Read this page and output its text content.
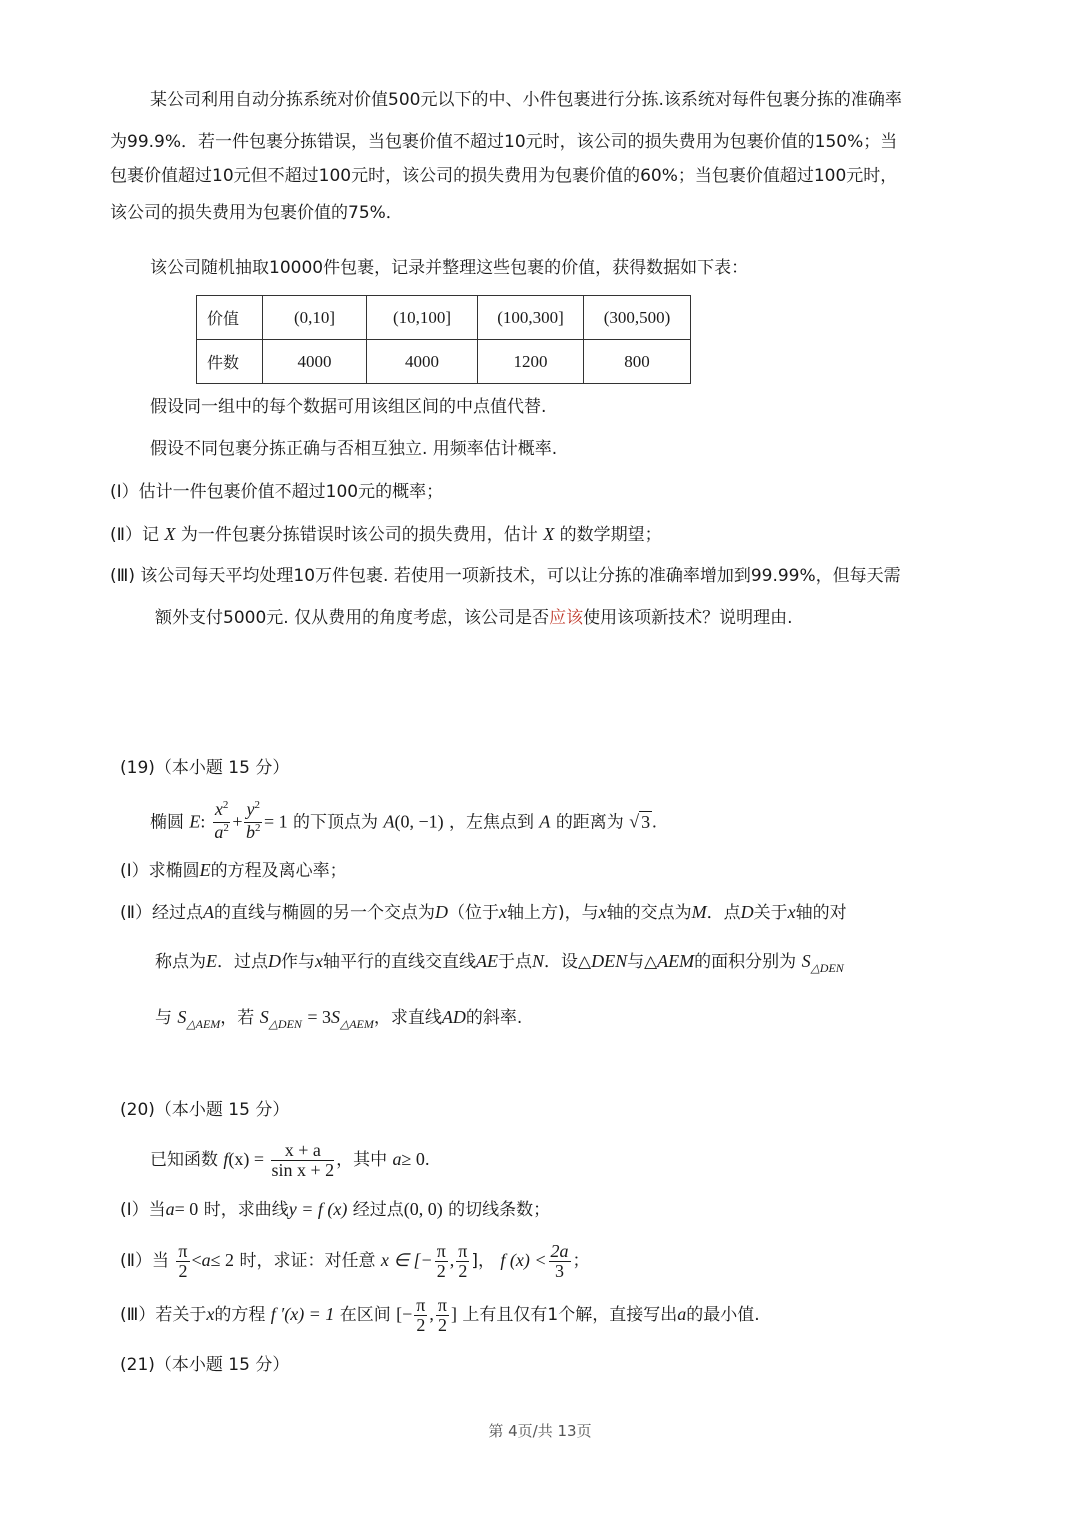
某公司利用自动分拣系统对价值500元以下的中、小件包裹进行分拣.该系统对每件包裹分拣的准确率
为99.9%．若一件包裹分拣错误，当包裹价值不超过10元时，该公司的损失费用为包裹价值的150%；当
包裹价值超过10元但不超过100元时，该公司的损失费用为包裹价值的60%；当包裹价值超过100元时，
该公司的损失费用为包裹价值的75%．
该公司随机抽取10000件包裹，记录并整理这些包裹的价值，获得数据如下表：
价值	(0,10]	(10,100]	(100,300]	(300,500)
件数	4000	4000	1200	800
假设同一组中的每个数据可用该组区间的中点值代替.
假设不同包裹分拣正确与否相互独立. 用频率估计概率.
(Ⅰ）估计一件包裹价值不超过100元的概率；
(Ⅱ）记 X 为一件包裹分拣错误时该公司的损失费用，估计 X 的数学期望；
(Ⅲ) 该公司每天平均处理10万件包裹. 若使用一项新技术，可以让分拣的准确率增加到99.99%，但每天需
额外支付5000元. 仅从费用的角度考虑，该公司是否应该使用该项新技术？说明理由.
(19)（本小题 15 分）
椭圆 E: $\frac{x^2}{a^2} + \frac{y^2}{b^2} = 1$ 的下顶点为 A(0, −1) ，左焦点到 A 的距离为 √ 3 .
(Ⅰ）求椭圆E的方程及离心率；
(Ⅱ）经过点A的直线与椭圆的另一个交点为D（位于x轴上方)，与x轴的交点为M．点D关于x轴的对
称点为E．过点D作与x轴平行的直线交直线AE于点N．设△DEN与△AEM的面积分别为 $S_{\triangle DEN}$
与 $S_{\triangle AEM}$，若 $S_{\triangle DEN} = 3S_{\triangle AEM}$，求直线AD的斜率.
(20)（本小题 15 分）
已知函数 $f(x) = \frac{x + a}{\text{sin x + 2}}$ ，其中 a≥ 0.
(Ⅰ）当a= 0 时，求曲线y = f (x) 经过点(0, 0) 的切线条数；
(Ⅱ）当 $\frac{\pi}{2} <a\le 2$ 时，求证：对任意 x ∈ [− $\frac{\pi}{2}$ , $\frac{\pi}{2}$ ]， f $(x) < \frac{2a}{3}$ ；
(Ⅲ）若关于x的方程 f ′(x) = 1 在区间 [− $\frac{\pi}{2}$ , $\frac{\pi}{2}$ ] 上有且仅有1个解，直接写出a的最小值.
(21)（本小题 15 分）
第 4页/共 13页
